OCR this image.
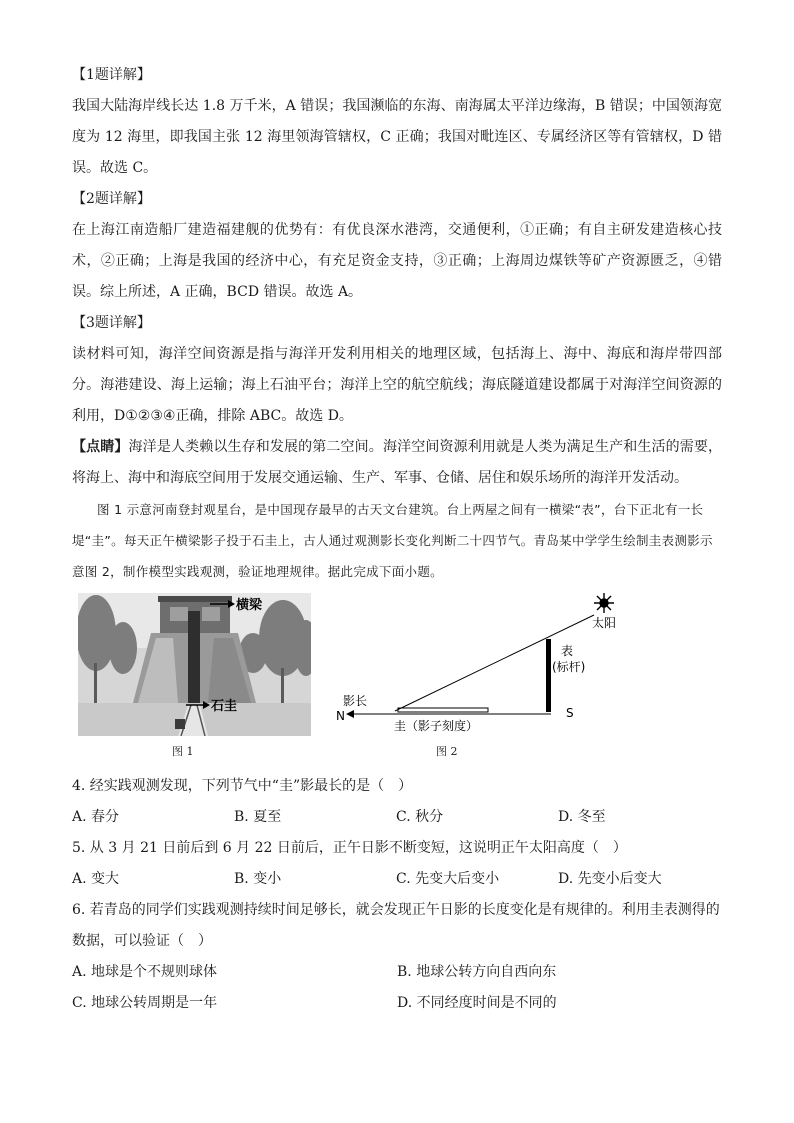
【1题详解】

我国大陆海岸线长达 1.8 万千米，A 错误；我国濒临的东海、南海属太平洋边缘海，B 错误；中国领海宽度为 12 海里，即我国主张 12 海里领海管辖权，C 正确；我国对毗连区、专属经济区等有管辖权，D 错误。故选 C。

【2题详解】

在上海江南造船厂建造福建舰的优势有：有优良深水港湾，交通便利，①正确；有自主研发建造核心技术，②正确；上海是我国的经济中心，有充足资金支持，③正确；上海周边煤铁等矿产资源匮乏，④错误。综上所述，A 正确，BCD 错误。故选 A。

【3题详解】

读材料可知，海洋空间资源是指与海洋开发利用相关的地理区域，包括海上、海中、海底和海岸带四部分。海港建设、海上运输；海上石油平台；海洋上空的航空航线；海底隧道建设都属于对海洋空间资源的利用，D①②③④正确，排除 ABC。故选 D。

【点睛】海洋是人类赖以生存和发展的第二空间。海洋空间资源利用就是人类为满足生产和生活的需要，将海上、海中和海底空间用于发展交通运输、生产、军事、仓储、居住和娱乐场所的海洋开发活动。

图 1 示意河南登封观星台，是中国现存最早的古天文台建筑。台上两屋之间有一横梁“表”，台下正北有一长堤“圭”。每天正午横梁影子投于石圭上，古人通过观测影长变化判断二十四节气。青岛某中学学生绘制圭表测影示意图 2，制作模型实践观测，验证地理规律。据此完成下面小题。

横梁
石圭
图 1
太阳
表
(标杆)
影长
N	S
圭（影子刻度）
图 2

4. 经实践观测发现，下列节气中“圭”影最长的是（　）

A. 春分	B. 夏至	C. 秋分	D. 冬至

5. 从 3 月 21 日前后到 6 月 22 日前后，正午日影不断变短，这说明正午太阳高度（　）

A. 变大	B. 变小	C. 先变大后变小	D. 先变小后变大

6. 若青岛的同学们实践观测持续时间足够长，就会发现正午日影的长度变化是有规律的。利用圭表测得的数据，可以验证（　）

A. 地球是个不规则球体	B. 地球公转方向自西向东
C. 地球公转周期是一年	D. 不同经度时间是不同的
